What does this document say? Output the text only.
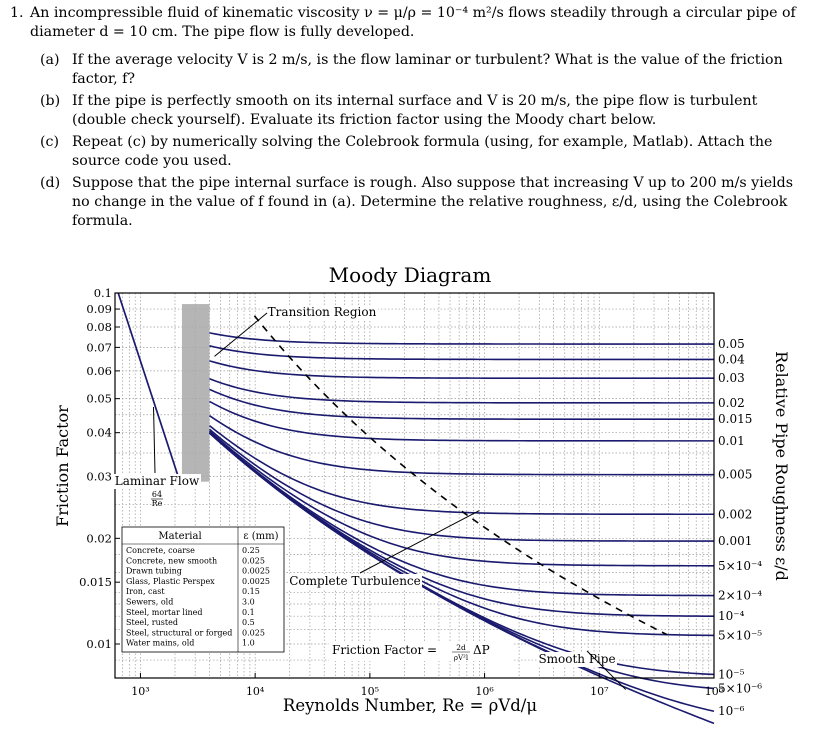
1. An incompressible fluid of kinematic viscosity ν = μ/ρ = 10⁻⁴ m²/s flows steadily through a circular pipe of diameter d = 10 cm. The pipe flow is fully developed.
(a) If the average velocity V is 2 m/s, is the flow laminar or turbulent? What is the value of the friction factor, f?
(b) If the pipe is perfectly smooth on its internal surface and V is 20 m/s, the pipe flow is turbulent (double check yourself). Evaluate its friction factor using the Moody chart below.
(c) Repeat (c) by numerically solving the Colebrook formula (using, for example, Matlab). Attach the source code you used.
(d) Suppose that the pipe internal surface is rough. Also suppose that increasing V up to 200 m/s yields no change in the value of f found in (a). Determine the relative roughness, ε/d, using the Colebrook formula.
Moody Diagram
10³	10⁴	10⁵	10⁶	10⁷	10⁸
0.1
0.09
0.08
0.07
0.06
0.05
0.04
0.03
0.02
0.015
0.01
0.05
0.04
0.03
0.02
0.015
0.01
0.005
0.002
0.001
5×10⁻⁴
2×10⁻⁴
10⁻⁴
5×10⁻⁵
10⁻⁵
5×10⁻⁶
10⁻⁶
Material	ε (mm)
Concrete, coarse	0.25
Concrete, new smooth	0.025
Drawn tubing	0.0025
Glass, Plastic Perspex	0.0025
Iron, cast	0.15
Sewers, old	3.0
Steel, mortar lined	0.1
Steel, rusted	0.5
Steel, structural or forged 0.025
Water mains, old	1.0
Transition Region
Laminar Flow
64
Re
Complete Turbulence
Friction Factor =	2d
ρV²l
ΔP
Smooth Pipe
Reynolds Number, Re = ρVd/μ
Friction Factor	Relative Pipe Roughness ε/d
